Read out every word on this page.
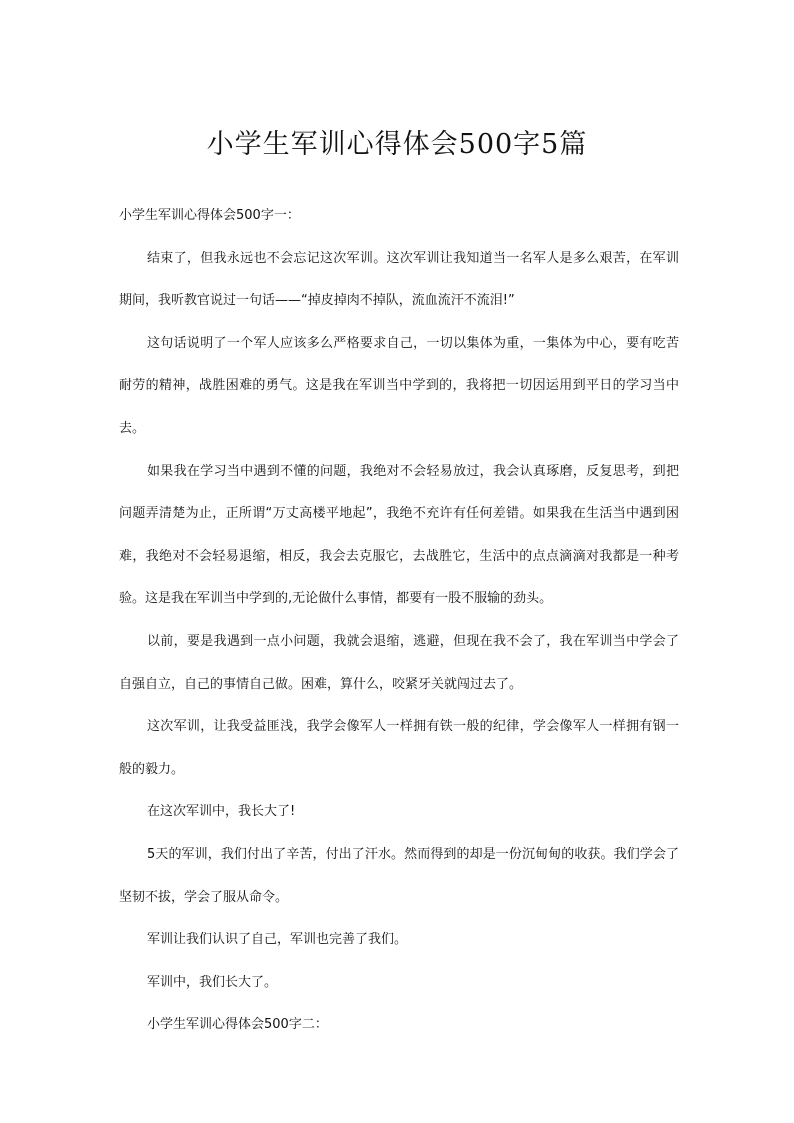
小学生军训心得体会500字5篇

小学生军训心得体会500字一：

结束了，但我永远也不会忘记这次军训。这次军训让我知道当一名军人是多么艰苦，在军训期间，我听教官说过一句话——“掉皮掉肉不掉队，流血流汗不流泪!”

这句话说明了一个军人应该多么严格要求自己，一切以集体为重，一集体为中心，要有吃苦耐劳的精神，战胜困难的勇气。这是我在军训当中学到的，我将把一切因运用到平日的学习当中去。

如果我在学习当中遇到不懂的问题，我绝对不会轻易放过，我会认真琢磨，反复思考，到把问题弄清楚为止，正所谓“万丈高楼平地起”，我绝不充许有任何差错。如果我在生活当中遇到困难，我绝对不会轻易退缩，相反，我会去克服它，去战胜它，生活中的点点滴滴对我都是一种考验。这是我在军训当中学到的,无论做什么事情，都要有一股不服输的劲头。

以前，要是我遇到一点小问题，我就会退缩，逃避，但现在我不会了，我在军训当中学会了自强自立，自己的事情自己做。困难，算什么，咬紧牙关就闯过去了。

这次军训，让我受益匪浅，我学会像军人一样拥有铁一般的纪律，学会像军人一样拥有钢一般的毅力。

在这次军训中，我长大了!

5天的军训，我们付出了辛苦，付出了汗水。然而得到的却是一份沉甸甸的收获。我们学会了坚韧不拔，学会了服从命令。

军训让我们认识了自己，军训也完善了我们。

军训中，我们长大了。

小学生军训心得体会500字二：
